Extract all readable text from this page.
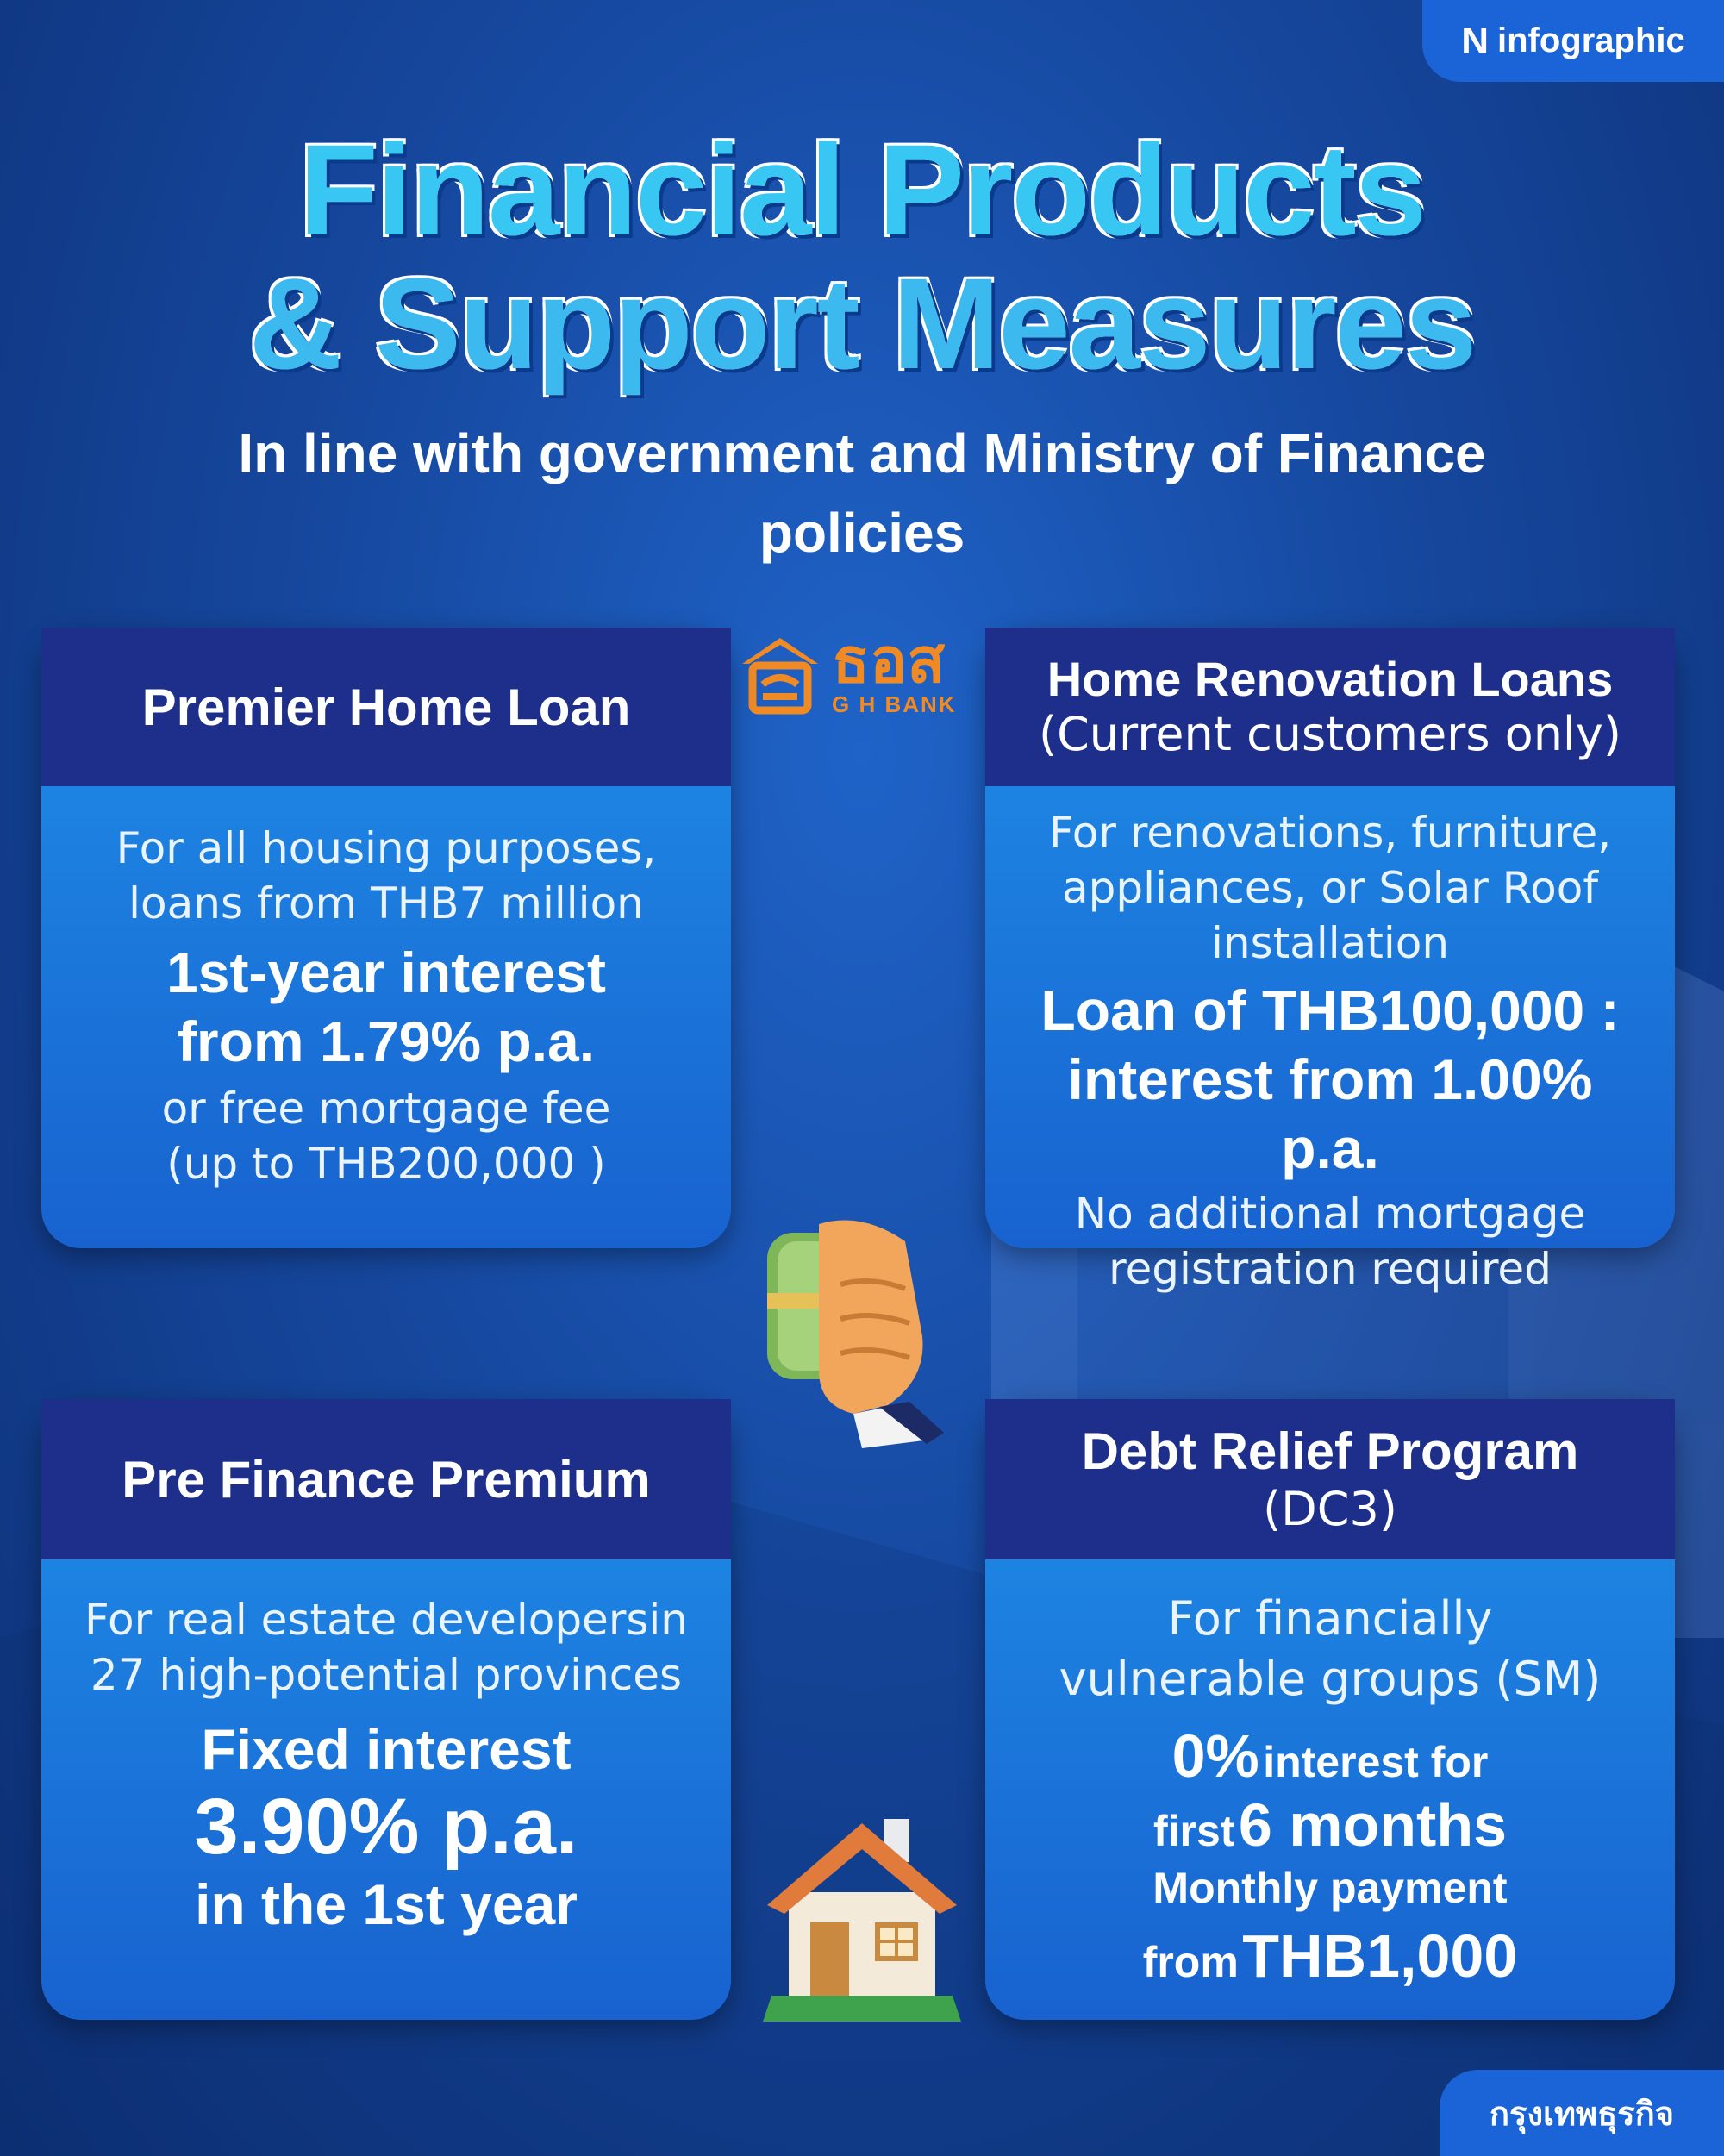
N infographic
Financial Products
& Support Measures
In line with government and Ministry of Finance policies
ธอส
G H BANK
Premier Home Loan
For all housing purposes,
loans from THB7 million
1st-year interest
from 1.79% p.a.
or free mortgage fee
(up to THB200,000 )
Home Renovation Loans
(Current customers only)
For renovations, furniture,
appliances, or Solar Roof
installation
Loan of THB100,000 :
interest from 1.00% p.a.
No additional mortgage
registration required
Pre Finance Premium
For real estate developersin
27 high-potential provinces
Fixed interest
3.90% p.a.
in the 1st year
Debt Relief Program
(DC3)
For financially
vulnerable groups (SM)
0% interest for
first 6 months
Monthly payment
from THB1,000
กรุงเทพธุรกิจ
